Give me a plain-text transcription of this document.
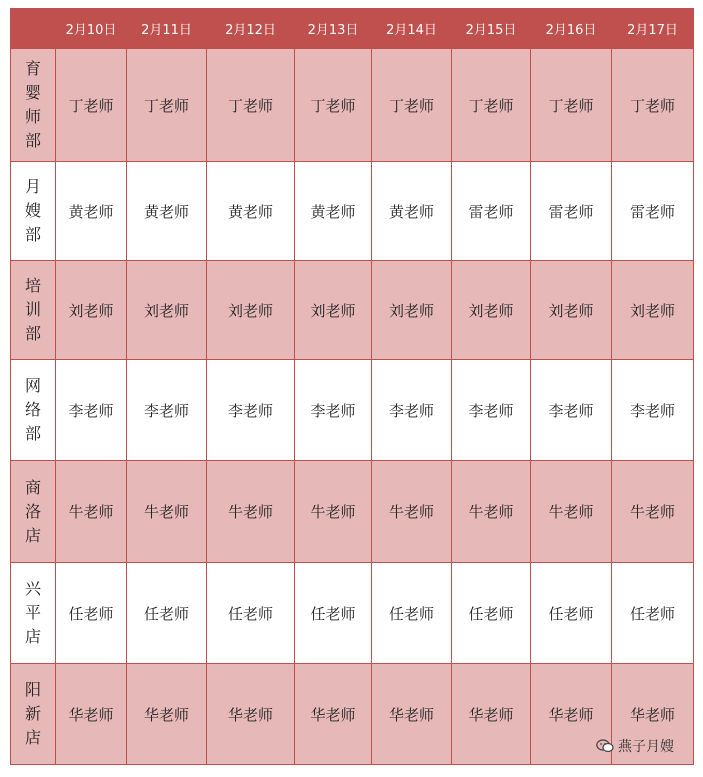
	2月10日	2月11日	2月12日	2月13日	2月14日	2月15日	2月16日	2月17日

育
婴
师
部	丁老师	丁老师	丁老师	丁老师	丁老师	丁老师	丁老师	丁老师

月
嫂
部	黄老师	黄老师	黄老师	黄老师	黄老师	雷老师	雷老师	雷老师

培
训
部	刘老师	刘老师	刘老师	刘老师	刘老师	刘老师	刘老师	刘老师

网
络
部	李老师	李老师	李老师	李老师	李老师	李老师	李老师	李老师

商
洛
店	牛老师	牛老师	牛老师	牛老师	牛老师	牛老师	牛老师	牛老师

兴
平
店	任老师	任老师	任老师	任老师	任老师	任老师	任老师	任老师

阳
新
店	华老师	华老师	华老师	华老师	华老师	华老师	华老师	华老师
燕子月嫂
